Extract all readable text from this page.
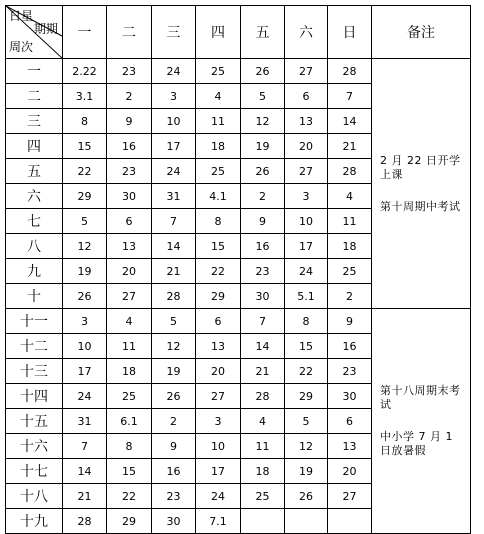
日星
期期
周次	一	二	三	四	五	六	日	备注
一	2.22	23	24	25	26	27	28	2 月 22 日开学上课

第十周期中考试

二	3.1	2	3	4	5	6	7	
三	8	9	10	11	12	13	14	
四	15	16	17	18	19	20	21	
五	22	23	24	25	26	27	28	
六	29	30	31	4.1	2	3	4	
七	5	6	7	8	9	10	11	
八	12	13	14	15	16	17	18	
九	19	20	21	22	23	24	25	
十	26	27	28	29	30	5.1	2	
十一	3	4	5	6	7	8	9	第十八周期末考试

中小学 7 月 1 日放暑假

十二	10	11	12	13	14	15	16	
十三	17	18	19	20	21	22	23	
十四	24	25	26	27	28	29	30	
十五	31	6.1	2	3	4	5	6	
十六	7	8	9	10	11	12	13	
十七	14	15	16	17	18	19	20	
十八	21	22	23	24	25	26	27	
十九	28	29	30	7.1				
